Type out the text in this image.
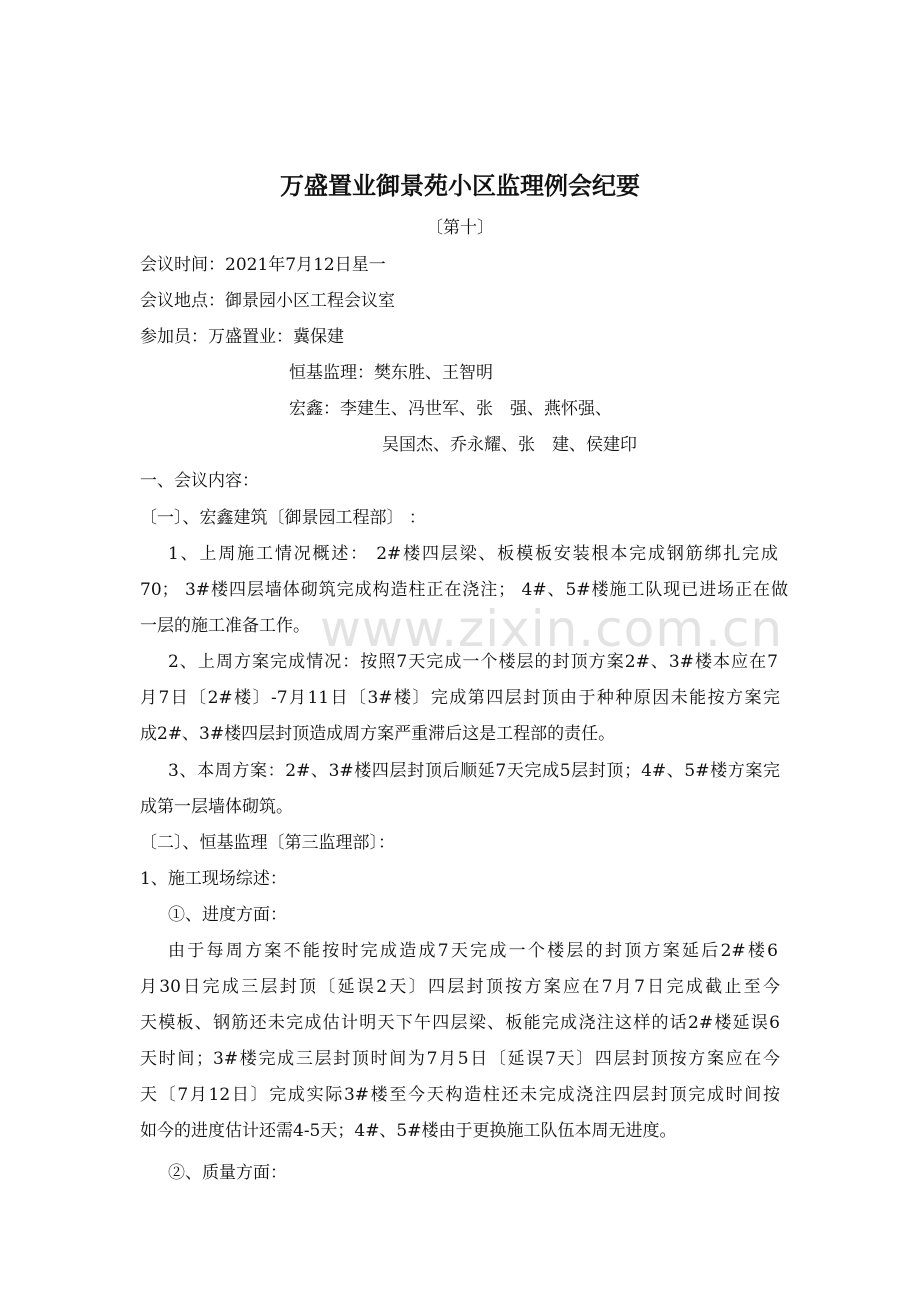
www.zixin.com.cn
万盛置业御景苑小区监理例会纪要
〔第十〕
会议时间：2021年7月12日星一
会议地点：御景园小区工程会议室
参加员：万盛置业：冀保建
恒基监理：樊东胜、王智明
宏鑫：李建生、冯世军、张　强、燕怀强、
吴国杰、乔永耀、张　建、侯建印
一、会议内容：
〔一〕、宏鑫建筑〔御景园工程部〕 ：
1、上周施工情况概述： 2#楼四层梁、板模板安装根本完成钢筋绑扎完成
70； 3#楼四层墙体砌筑完成构造柱正在浇注； 4#、5#楼施工队现已进场正在做
一层的施工准备工作。
2、上周方案完成情况：按照7天完成一个楼层的封顶方案2#、3#楼本应在7
月7日〔2#楼〕-7月11日〔3#楼〕完成第四层封顶由于种种原因未能按方案完
成2#、3#楼四层封顶造成周方案严重滞后这是工程部的责任。
3、本周方案：2#、3#楼四层封顶后顺延7天完成5层封顶；4#、5#楼方案完
成第一层墙体砌筑。
〔二〕、恒基监理〔第三监理部〕：
1、施工现场综述：
①、进度方面：
由于每周方案不能按时完成造成7天完成一个楼层的封顶方案延后2#楼6
月30日完成三层封顶〔延误2天〕四层封顶按方案应在7月7日完成截止至今
天模板、钢筋还未完成估计明天下午四层梁、板能完成浇注这样的话2#楼延误6
天时间；3#楼完成三层封顶时间为7月5日〔延误7天〕四层封顶按方案应在今
天〔7月12日〕完成实际3#楼至今天构造柱还未完成浇注四层封顶完成时间按
如今的进度估计还需4-5天；4#、5#楼由于更换施工队伍本周无进度。
②、质量方面：
